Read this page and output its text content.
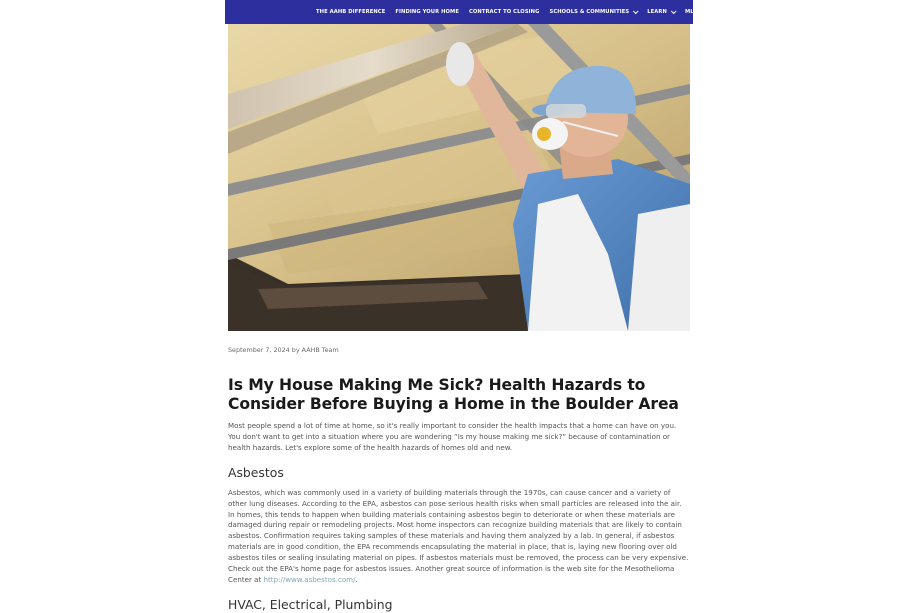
THE AAHB DIFFERENCE FINDING YOUR HOME CONTRACT TO CLOSING SCHOOLS & COMMUNITIES	LEARN	MLS SEARCH CONTACT

September 7, 2024 by AAHB Team

Is My House Making Me Sick? Health Hazards to Consider Before Buying a Home in the Boulder Area

Most people spend a lot of time at home, so it's really important to consider the health impacts that a home can have on you. You don't want to get into a situation where you are wondering “Is my house making me sick?” because of contamination or health hazards. Let's explore some of the health hazards of homes old and new.

Asbestos

Asbestos, which was commonly used in a variety of building materials through the 1970s, can cause cancer and a variety of other lung diseases. According to the EPA, asbestos can pose serious health risks when small particles are released into the air. In homes, this tends to happen when building materials containing asbestos begin to deteriorate or when these materials are damaged during repair or remodeling projects. Most home inspectors can recognize building materials that are likely to contain asbestos. Confirmation requires taking samples of these materials and having them analyzed by a lab. In general, if asbestos materials are in good condition, the EPA recommends encapsulating the material in place, that is, laying new flooring over old asbestos tiles or sealing insulating material on pipes. If asbestos materials must be removed, the process can be very expensive. Check out the EPA's home page for asbestos issues. Another great source of information is the web site for the Mesothelioma Center at http://www.asbestos.com/.

HVAC, Electrical, Plumbing
